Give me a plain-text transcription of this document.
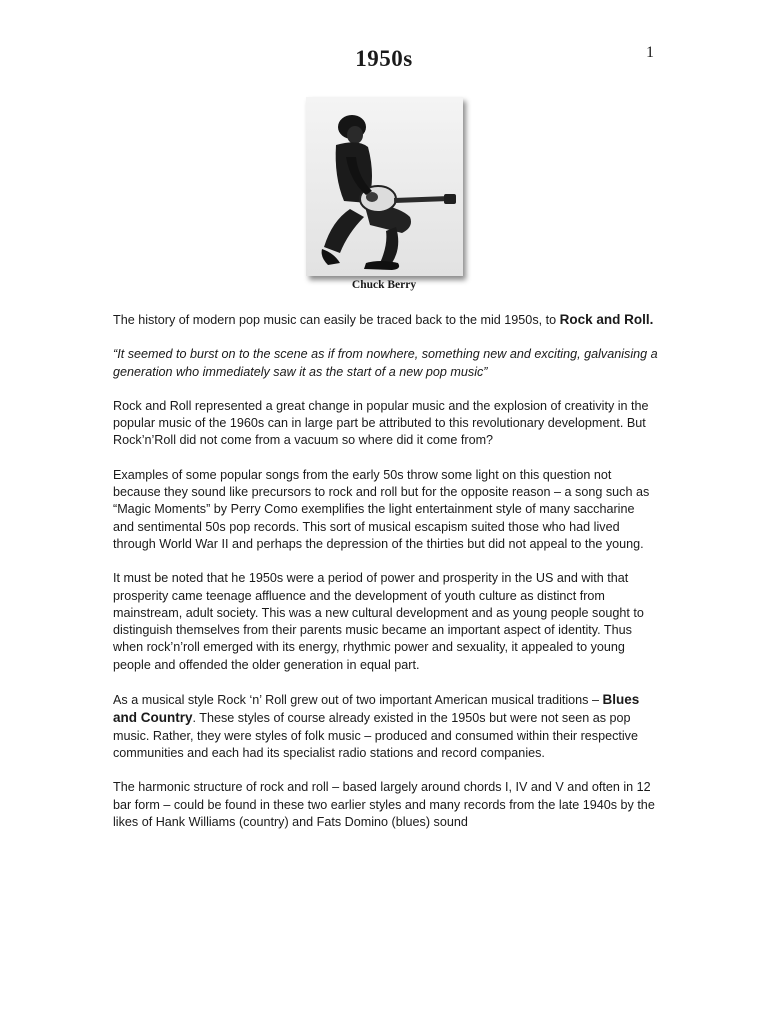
1950s	1
Chuck Berry

The history of modern pop music can easily be traced back to the mid 1950s, to Rock and Roll.

“It seemed to burst on to the scene as if from nowhere, something new and exciting, galvanising a generation who immediately saw it as the start of a new pop music”

Rock and Roll represented a great change in popular music and the explosion of creativity in the popular music of the 1960s can in large part be attributed to this revolutionary development. But Rock’n’Roll did not come from a vacuum so where did it come from?

Examples of some popular songs from the early 50s throw some light on this question not because they sound like precursors to rock and roll but for the opposite reason – a song such as “Magic Moments” by Perry Como exemplifies the light entertainment style of many saccharine and sentimental 50s pop records. This sort of musical escapism suited those who had lived through World War II and perhaps the depression of the thirties but did not appeal to the young.

It must be noted that he 1950s were a period of power and prosperity in the US and with that prosperity came teenage affluence and the development of youth culture as distinct from mainstream, adult society. This was a new cultural development and as young people sought to distinguish themselves from their parents music became an important aspect of identity. Thus when rock’n’roll emerged with its energy, rhythmic power and sexuality, it appealed to young people and offended the older generation in equal part.

As a musical style Rock ‘n’ Roll grew out of two important American musical traditions – Blues and Country. These styles of course already existed in the 1950s but were not seen as pop music. Rather, they were styles of folk music – produced and consumed within their respective communities and each had its specialist radio stations and record companies.

The harmonic structure of rock and roll – based largely around chords I, IV and V and often in 12 bar form – could be found in these two earlier styles and many records from the late 1940s by the likes of Hank Williams (country) and Fats Domino (blues) sound
